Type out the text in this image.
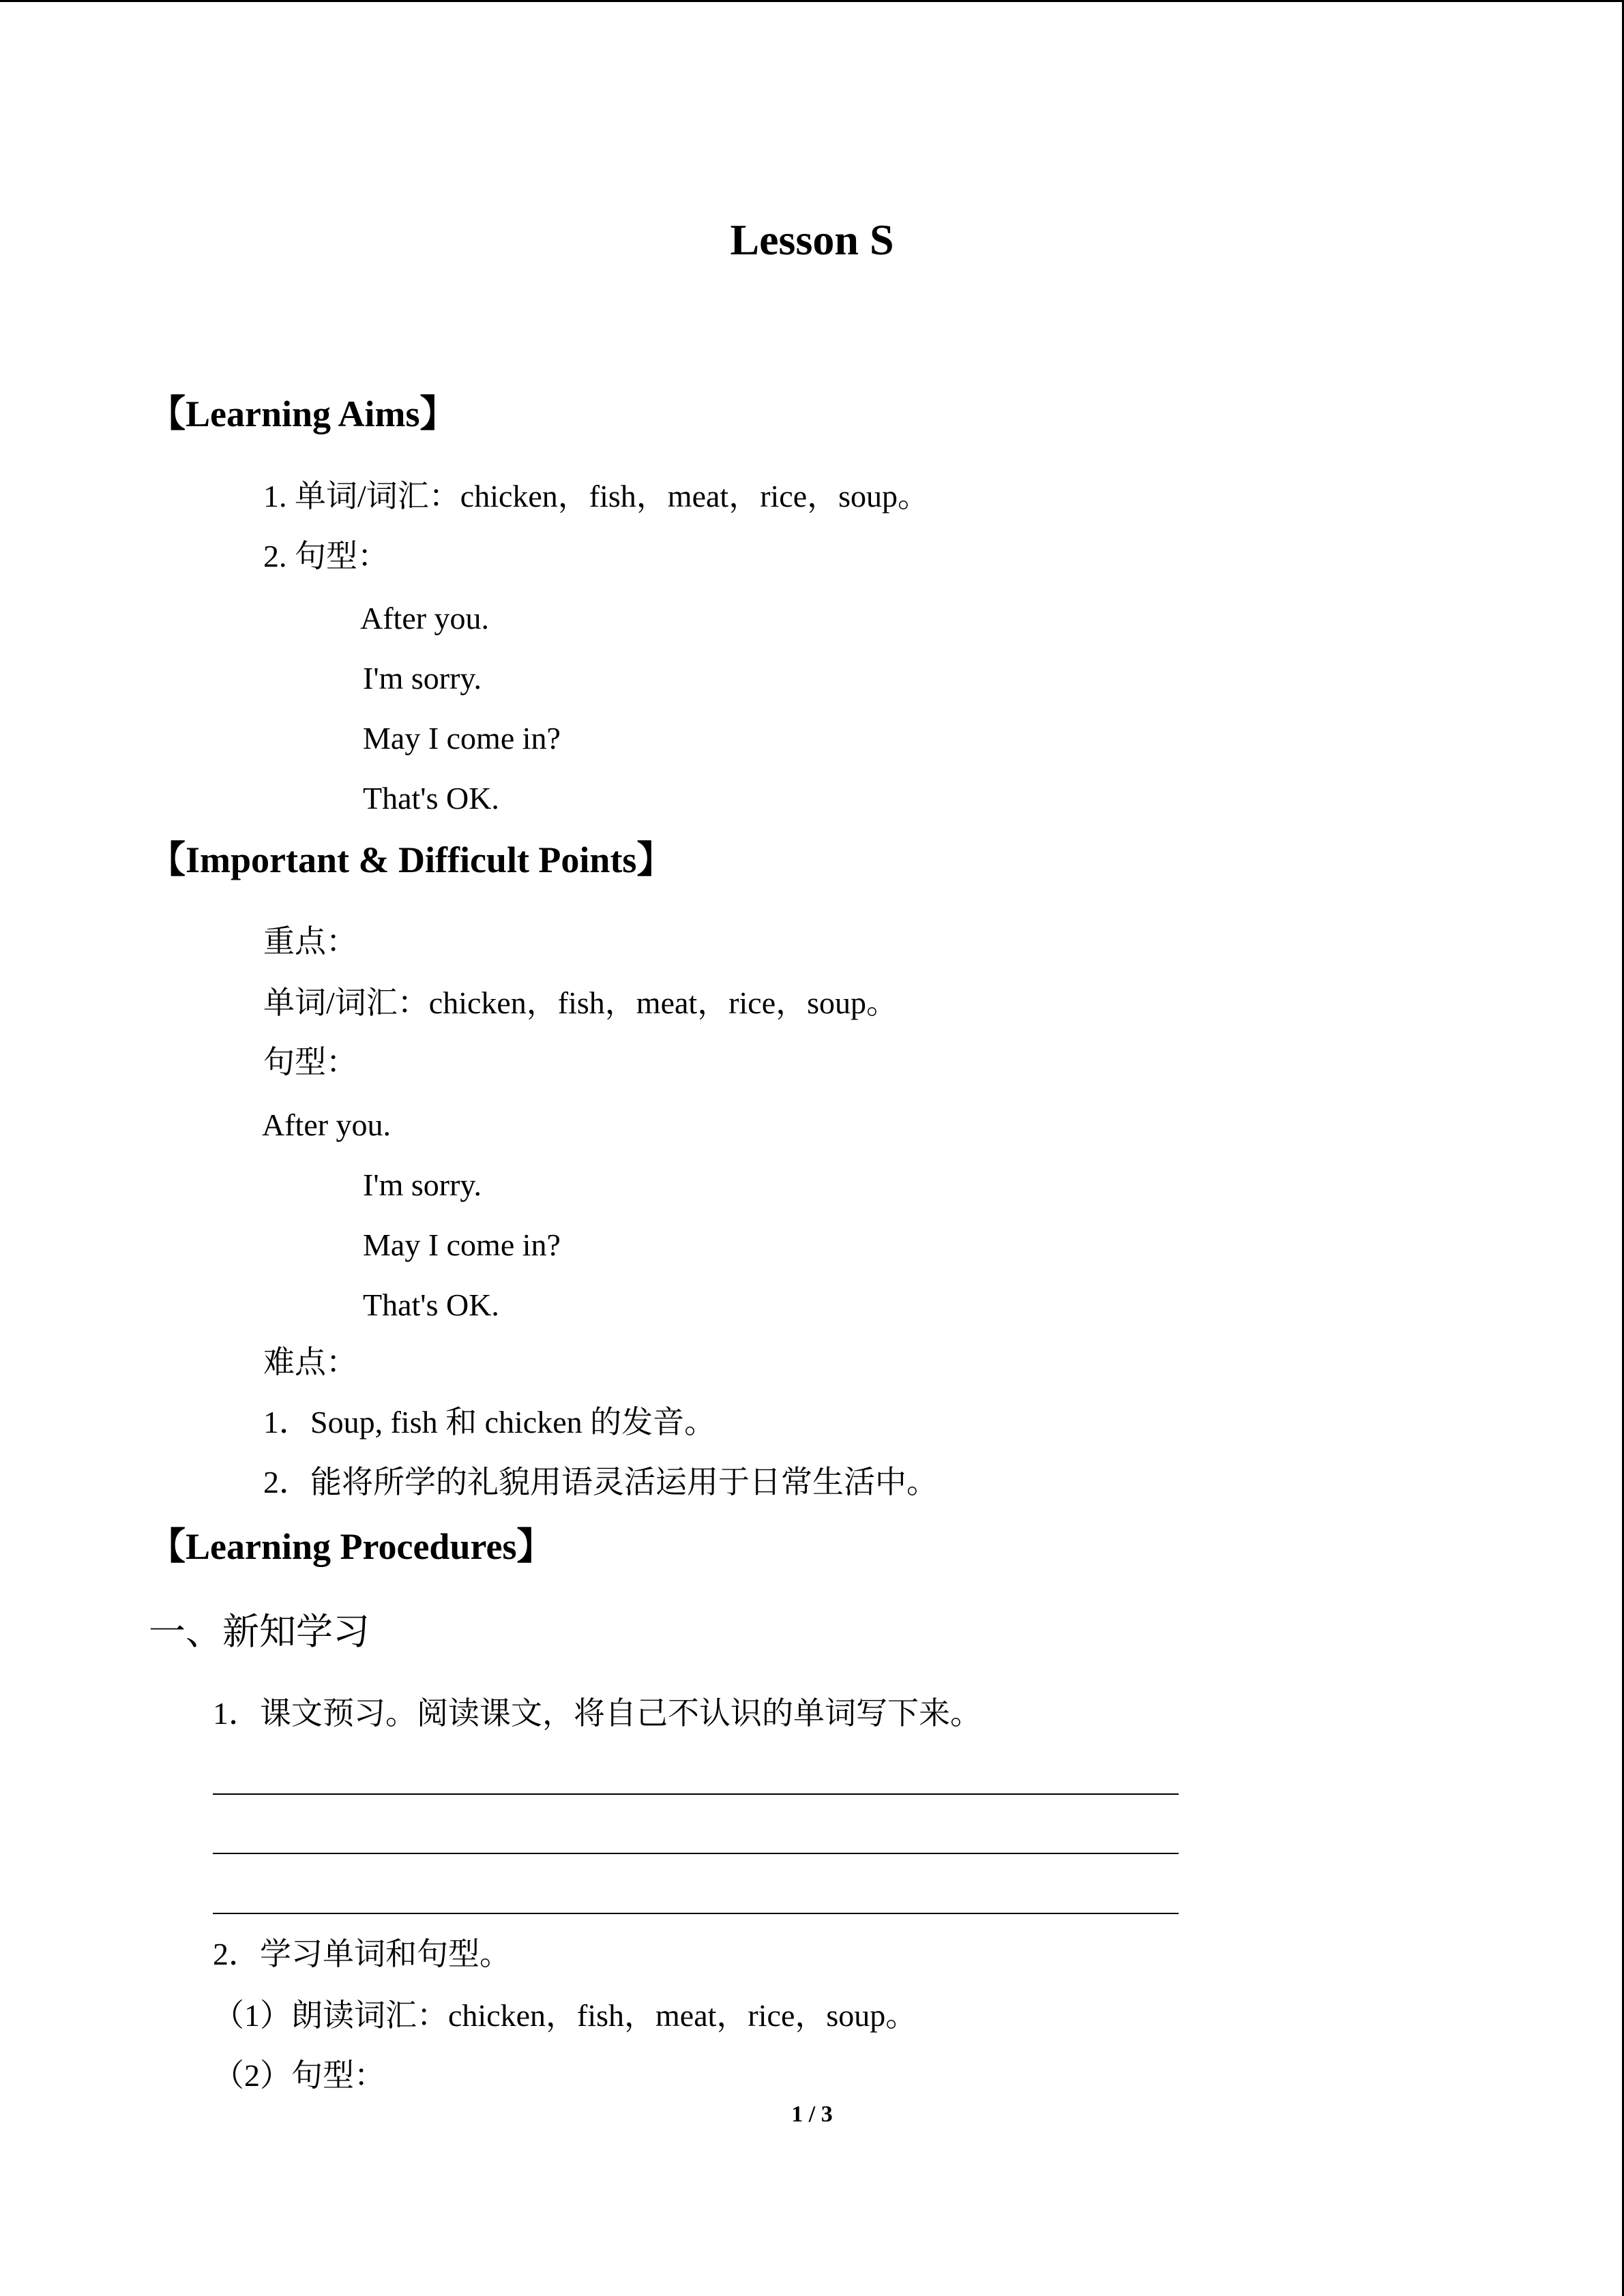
Lesson S
【Learning Aims】
1. 单词/词汇：chicken，fish，meat，rice，soup。
2. 句型：
After you.
I'm sorry.
May I come in?
That's OK.
【Important & Difficult Points】
重点：
单词/词汇：chicken，fish，meat，rice，soup。
句型：
After you.
I'm sorry.
May I come in?
That's OK.
难点：
1．Soup, fish 和 chicken 的发音。
2．能将所学的礼貌用语灵活运用于日常生活中。
【Learning Procedures】
一、新知学习
1．课文预习。阅读课文，将自己不认识的单词写下来。
2．学习单词和句型。
（1）朗读词汇：chicken，fish，meat，rice，soup。
（2）句型：
1 / 3
